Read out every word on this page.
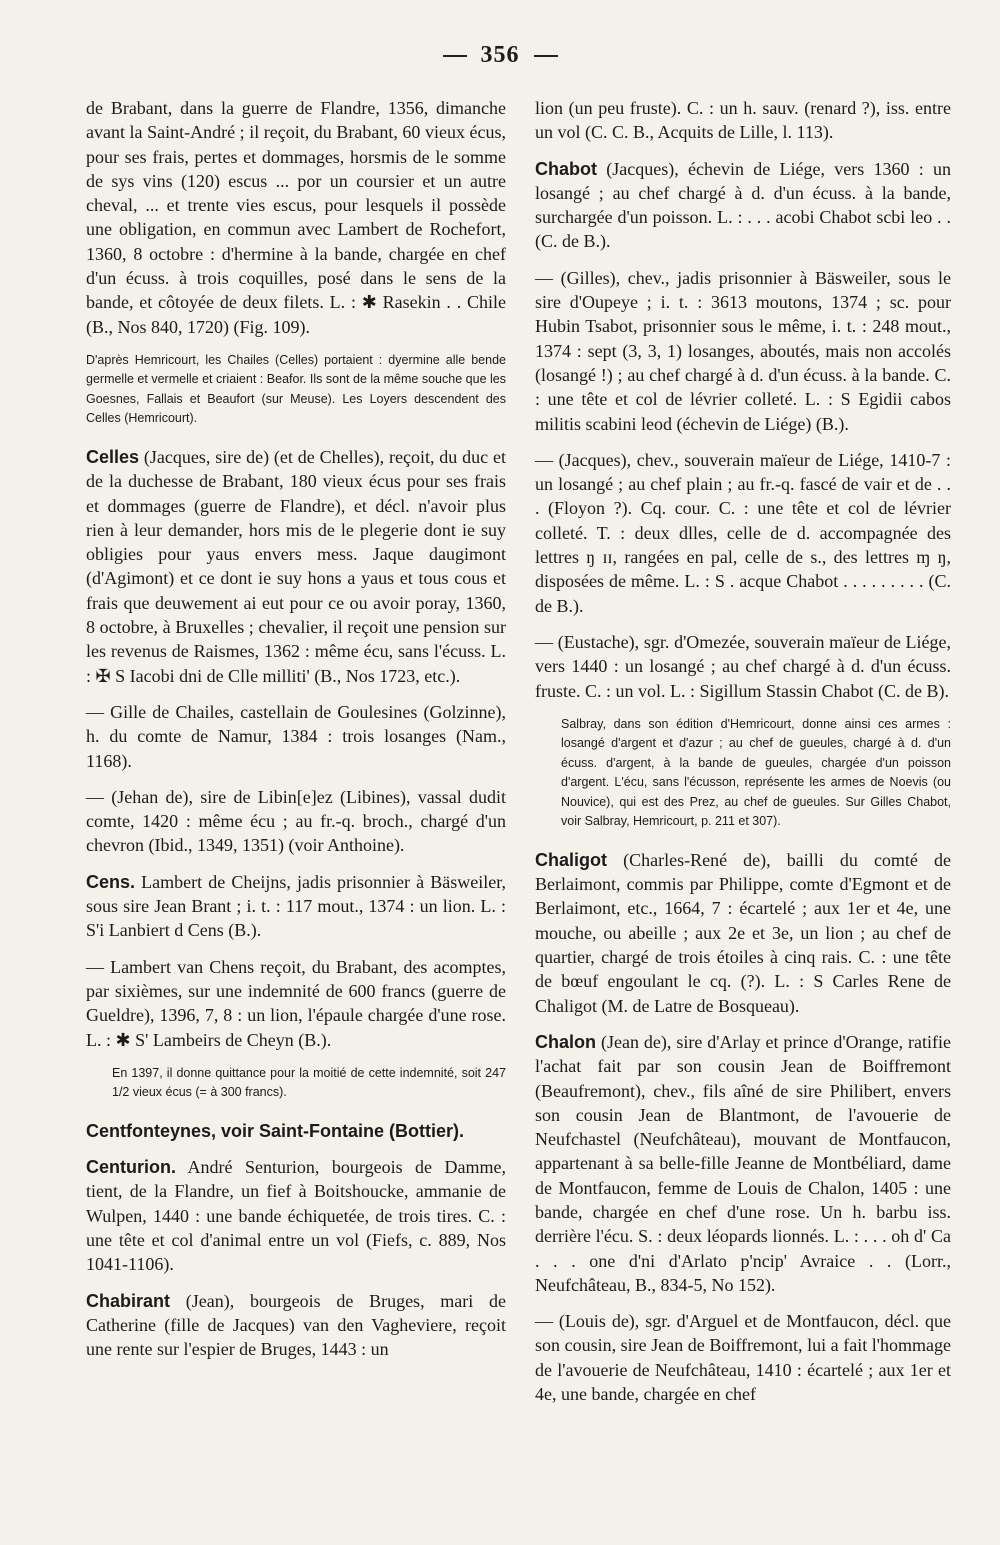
356

de Brabant, dans la guerre de Flandre, 1356, dimanche avant la Saint-André ; il reçoit, du Brabant, 60 vieux écus, pour ses frais, pertes et dommages, horsmis de le somme de sys vins (120) escus ... por un coursier et un autre cheval, ... et trente vies escus, pour lesquels il possède une obligation, en commun avec Lambert de Rochefort, 1360, 8 octobre : d'hermine à la bande, chargée en chef d'un écuss. à trois coquilles, posé dans le sens de la bande, et côtoyée de deux filets. L. : ✱ Rasekin . . Chile (B., Nos 840, 1720) (Fig. 109).

D'après Hemricourt, les Chailes (Celles) portaient : dyermine alle bende germelle et vermelle et criaient : Beafor. Ils sont de la même souche que les Goesnes, Fallais et Beaufort (sur Meuse). Les Loyers descendent des Celles (Hemricourt).

Celles (Jacques, sire de) (et de Chelles), reçoit, du duc et de la duchesse de Brabant, 180 vieux écus pour ses frais et dommages (guerre de Flandre), et décl. n'avoir plus rien à leur demander, hors mis de le plegerie dont ie suy obligies pour yaus envers mess. Jaque daugimont (d'Agimont) et ce dont ie suy hons a yaus et tous cous et frais que deuwement ai eut pour ce ou avoir poray, 1360, 8 octobre, à Bruxelles ; chevalier, il reçoit une pension sur les revenus de Raismes, 1362 : même écu, sans l'écuss. L. : ✠ S Iacobi dni de Clle milliti' (B., Nos 1723, etc.).

— Gille de Chailes, castellain de Goulesines (Golzinne), h. du comte de Namur, 1384 : trois losanges (Nam., 1168).

— (Jehan de), sire de Libin[e]ez (Libines), vassal dudit comte, 1420 : même écu ; au fr.-q. broch., chargé d'un chevron (Ibid., 1349, 1351) (voir Anthoine).

Cens. Lambert de Cheijns, jadis prisonnier à Bäsweiler, sous sire Jean Brant ; i. t. : 117 mout., 1374 : un lion. L. : S'i Lanbiert d Cens (B.).

— Lambert van Chens reçoit, du Brabant, des acomptes, par sixièmes, sur une indemnité de 600 francs (guerre de Gueldre), 1396, 7, 8 : un lion, l'épaule chargée d'une rose. L. : ✱ S' Lambeirs de Cheyn (B.).

En 1397, il donne quittance pour la moitié de cette indemnité, soit 247 1/2 vieux écus (= à 300 francs).

Centfonteynes, voir Saint-Fontaine (Bottier).

Centurion. André Senturion, bourgeois de Damme, tient, de la Flandre, un fief à Boitshoucke, ammanie de Wulpen, 1440 : une bande échiquetée, de trois tires. C. : une tête et col d'animal entre un vol (Fiefs, c. 889, Nos 1041-1106).

Chabirant (Jean), bourgeois de Bruges, mari de Catherine (fille de Jacques) van den Vagheviere, reçoit une rente sur l'espier de Bruges, 1443 : un

lion (un peu fruste). C. : un h. sauv. (renard ?), iss. entre un vol (C. C. B., Acquits de Lille, l. 113).

Chabot (Jacques), échevin de Liége, vers 1360 : un losangé ; au chef chargé à d. d'un écuss. à la bande, surchargée d'un poisson. L. : . . . acobi Chabot scbi leo . . (C. de B.).

— (Gilles), chev., jadis prisonnier à Bäsweiler, sous le sire d'Oupeye ; i. t. : 3613 moutons, 1374 ; sc. pour Hubin Tsabot, prisonnier sous le même, i. t. : 248 mout., 1374 : sept (3, 3, 1) losanges, aboutés, mais non accolés (losangé !) ; au chef chargé à d. d'un écuss. à la bande. C. : une tête et col de lévrier colleté. L. : S Egidii cabos militis scabini leod (échevin de Liége) (B.).

— (Jacques), chev., souverain maïeur de Liége, 1410-7 : un losangé ; au chef plain ; au fr.-q. fascé de vair et de . . . (Floyon ?). Cq. cour. C. : une tête et col de lévrier colleté. T. : deux dlles, celle de d. accompagnée des lettres ŋ ɪɪ, rangées en pal, celle de s., des lettres ɱ ŋ, disposées de même. L. : S . acque Chabot . . . . . . . . . (C. de B.).

— (Eustache), sgr. d'Omezée, souverain maïeur de Liége, vers 1440 : un losangé ; au chef chargé à d. d'un écuss. fruste. C. : un vol. L. : Sigillum Stassin Chabot (C. de B).

Salbray, dans son édition d'Hemricourt, donne ainsi ces armes : losangé d'argent et d'azur ; au chef de gueules, chargé à d. d'un écuss. d'argent, à la bande de gueules, chargée d'un poisson d'argent. L'écu, sans l'écusson, représente les armes de Noevis (ou Nouvice), qui est des Prez, au chef de gueules. Sur Gilles Chabot, voir Salbray, Hemricourt, p. 211 et 307).

Chaligot (Charles-René de), bailli du comté de Berlaimont, commis par Philippe, comte d'Egmont et de Berlaimont, etc., 1664, 7 : écartelé ; aux 1er et 4e, une mouche, ou abeille ; aux 2e et 3e, un lion ; au chef de quartier, chargé de trois étoiles à cinq rais. C. : une tête de bœuf engoulant le cq. (?). L. : S Carles Rene de Chaligot (M. de Latre de Bosqueau).

Chalon (Jean de), sire d'Arlay et prince d'Orange, ratifie l'achat fait par son cousin Jean de Boiffremont (Beaufremont), chev., fils aîné de sire Philibert, envers son cousin Jean de Blantmont, de l'avouerie de Neufchastel (Neufchâteau), mouvant de Montfaucon, appartenant à sa belle-fille Jeanne de Montbéliard, dame de Montfaucon, femme de Louis de Chalon, 1405 : une bande, chargée en chef d'une rose. Un h. barbu iss. derrière l'écu. S. : deux léopards lionnés. L. : . . . oh d' Ca . . . one d'ni d'Arlato p'ncip' Avraice . . (Lorr., Neufchâteau, B., 834-5, No 152).

— (Louis de), sgr. d'Arguel et de Montfaucon, décl. que son cousin, sire Jean de Boiffremont, lui a fait l'hommage de l'avouerie de Neufchâteau, 1410 : écartelé ; aux 1er et 4e, une bande, chargée en chef
